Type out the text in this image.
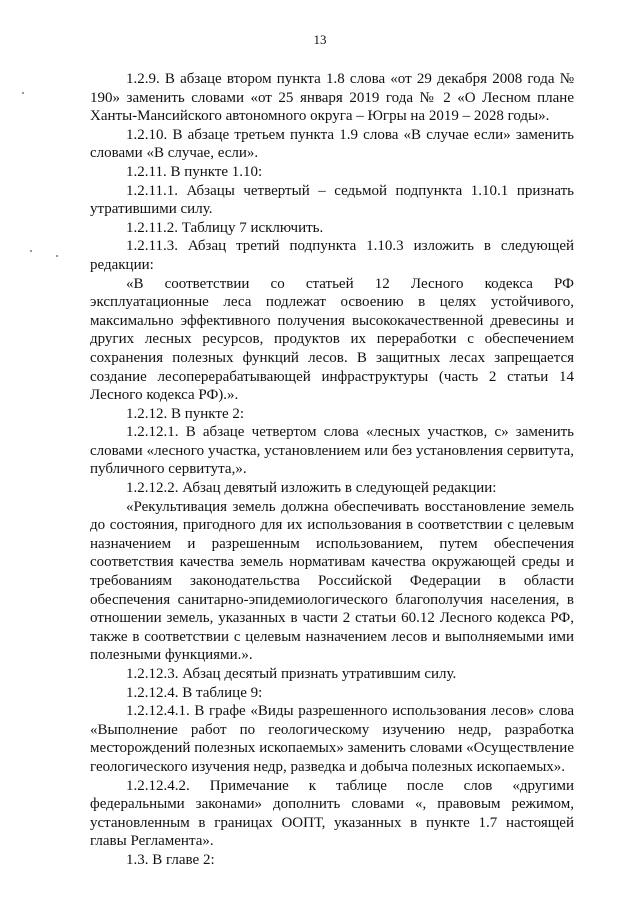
13

1.2.9. В абзаце втором пункта 1.8 слова «от 29 декабря 2008 года № 190» заменить словами «от 25 января 2019 года № 2 «О Лесном плане Ханты-Мансийского автономного округа – Югры на 2019 – 2028 годы».

1.2.10. В абзаце третьем пункта 1.9 слова «В случае если» заменить словами «В случае, если».

1.2.11. В пункте 1.10:

1.2.11.1. Абзацы четвертый – седьмой подпункта 1.10.1 признать утратившими силу.

1.2.11.2. Таблицу 7 исключить.

1.2.11.3. Абзац третий подпункта 1.10.3 изложить в следующей редакции:

«В соответствии со статьей 12 Лесного кодекса РФ эксплуатационные леса подлежат освоению в целях устойчивого, максимально эффективного получения высококачественной древесины и других лесных ресурсов, продуктов их переработки с обеспечением сохранения полезных функций лесов. В защитных лесах запрещается создание лесоперерабатывающей инфраструктуры (часть 2 статьи 14 Лесного кодекса РФ).».

1.2.12. В пункте 2:

1.2.12.1. В абзаце четвертом слова «лесных участков, с» заменить словами «лесного участка, установлением или без установления сервитута, публичного сервитута,».

1.2.12.2. Абзац девятый изложить в следующей редакции:

«Рекультивация земель должна обеспечивать восстановление земель до состояния, пригодного для их использования в соответствии с целевым назначением и разрешенным использованием, путем обеспечения соответствия качества земель нормативам качества окружающей среды и требованиям законодательства Российской Федерации в области обеспечения санитарно-эпидемиологического благополучия населения, в отношении земель, указанных в части 2 статьи 60.12 Лесного кодекса РФ, также в соответствии с целевым назначением лесов и выполняемыми ими полезными функциями.».

1.2.12.3. Абзац десятый признать утратившим силу.

1.2.12.4. В таблице 9:

1.2.12.4.1. В графе «Виды разрешенного использования лесов» слова «Выполнение работ по геологическому изучению недр, разработка месторождений полезных ископаемых» заменить словами «Осуществление геологического изучения недр, разведка и добыча полезных ископаемых».

1.2.12.4.2. Примечание к таблице после слов «другими федеральными законами» дополнить словами «, правовым режимом, установленным в границах ООПТ, указанных в пункте 1.7 настоящей главы Регламента».

1.3. В главе 2:
